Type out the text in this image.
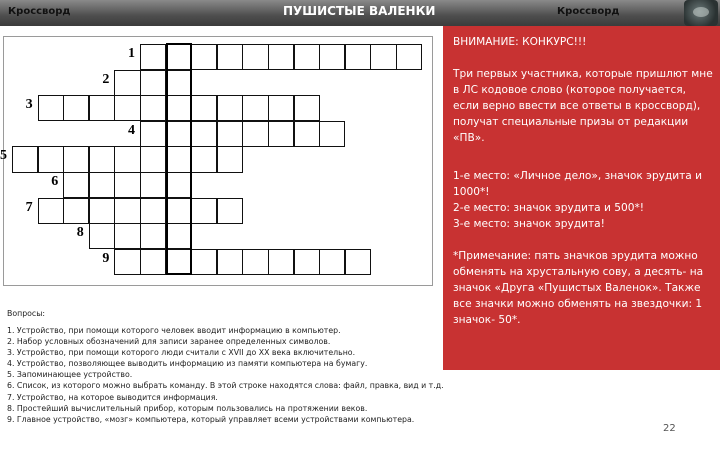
Кроссворд	ПУШИСТЫЕ ВАЛЕНКИ	Кроссворд
1
2
3
4
5
6
7
8
9

ВНИМАНИЕ: КОНКУРС!!!

Три первых участника, которые пришлют мне в ЛС кодовое слово (которое получается, если верно ввести все ответы в кроссворд), получат специальные призы от редакции «ПВ».

1-е место: «Личное дело», значок эрудита и 1000*!

2-е место: значок эрудита и 500*!

3-е место: значок эрудита!

*Примечание: пять значков эрудита можно обменять на хрустальную сову, а десять- на значок «Друга «Пушистых Валенок». Также все значки можно обменять на звездочки: 1 значок- 50*.

Вопросы:
1. Устройство, при помощи которого человек вводит информацию в компьютер.
2. Набор условных обозначений для записи заранее определенных символов.
3. Устройство, при помощи которого люди считали с XVII до XX века включительно.
4. Устройство, позволяющее выводить информацию из памяти компьютера на бумагу.
5. Запоминающее устройство.
6. Список, из которого можно выбрать команду. В этой строке находятся слова: файл, правка, вид и т.д.
7. Устройство, на которое выводится информация.
8. Простейший вычислительный прибор, которым пользовались на протяжении веков.
9. Главное устройство, «мозг» компьютера, который управляет всеми устройствами компьютера.
22
